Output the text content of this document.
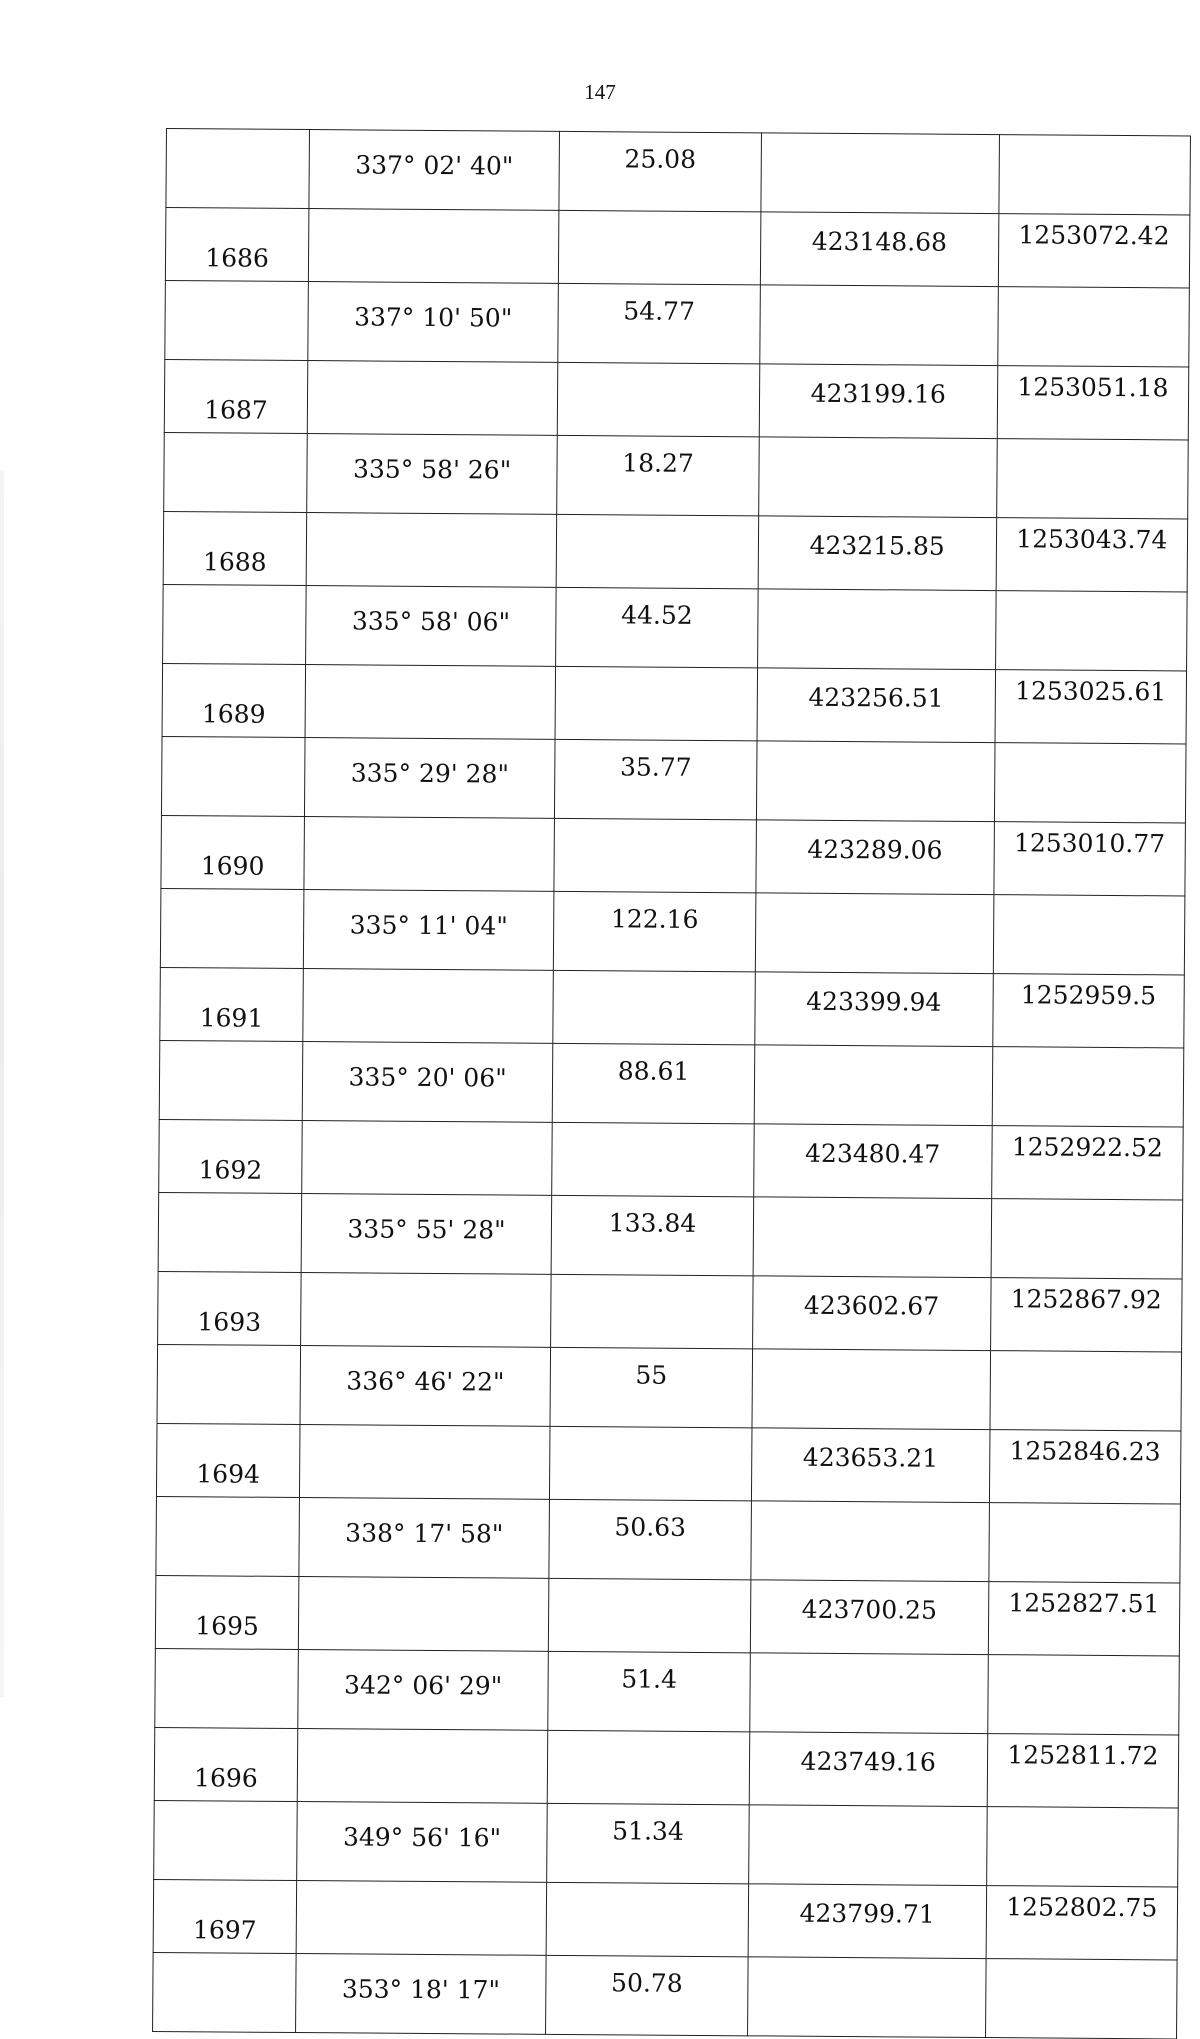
147
	337° 02' 40"	25.08		
1686			423148.68	1253072.42
	337° 10' 50"	54.77		
1687			423199.16	1253051.18
	335° 58' 26"	18.27		
1688			423215.85	1253043.74
	335° 58' 06"	44.52		
1689			423256.51	1253025.61
	335° 29' 28"	35.77		
1690			423289.06	1253010.77
	335° 11' 04"	122.16		
1691			423399.94	1252959.5
	335° 20' 06"	88.61		
1692			423480.47	1252922.52
	335° 55' 28"	133.84		
1693			423602.67	1252867.92
	336° 46' 22"	55		
1694			423653.21	1252846.23
	338° 17' 58"	50.63		
1695			423700.25	1252827.51
	342° 06' 29"	51.4		
1696			423749.16	1252811.72
	349° 56' 16"	51.34		
1697			423799.71	1252802.75
	353° 18' 17"	50.78		
